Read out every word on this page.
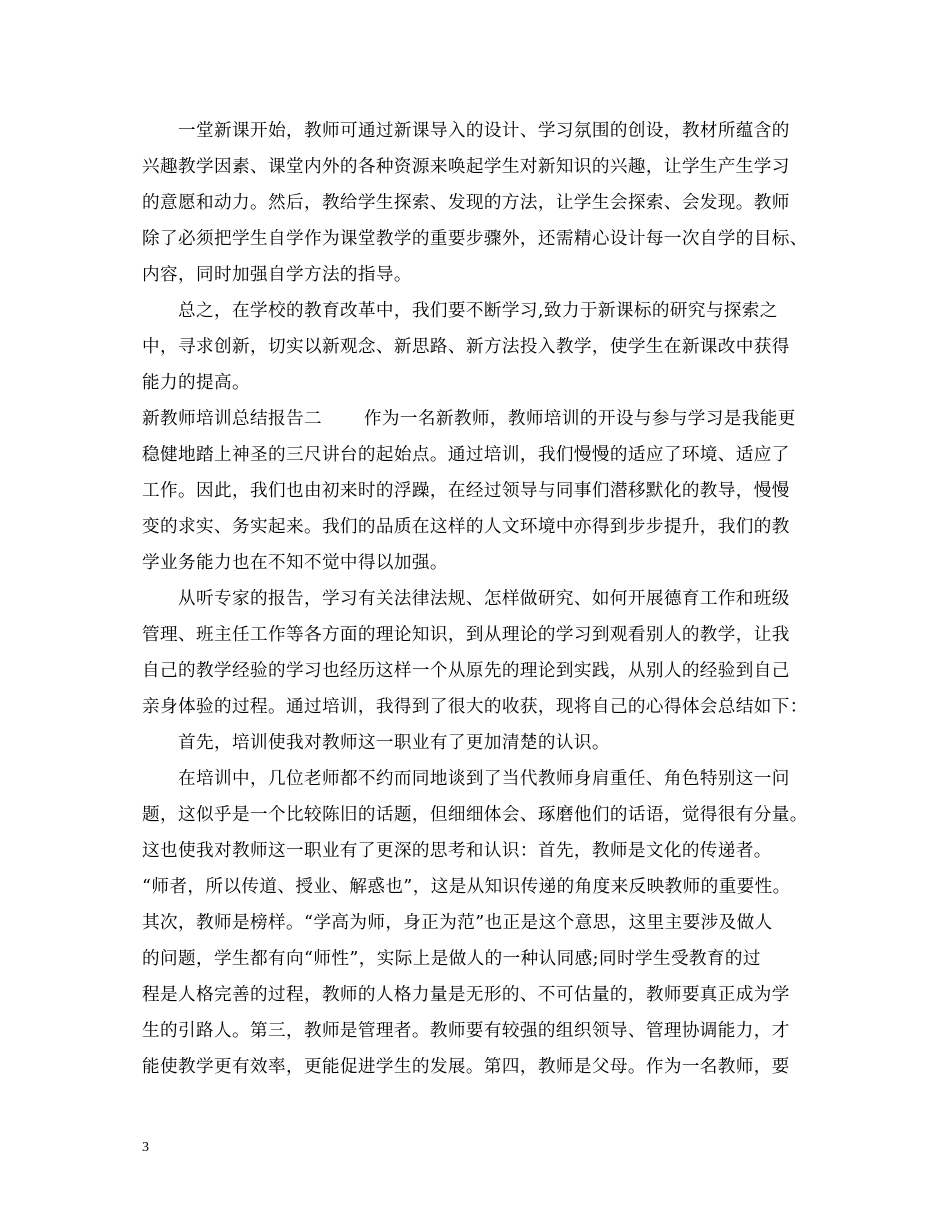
一堂新课开始，教师可通过新课导入的设计、学习氛围的创设，教材所蕴含的
兴趣教学因素、课堂内外的各种资源来唤起学生对新知识的兴趣，让学生产生学习
的意愿和动力。然后，教给学生探索、发现的方法，让学生会探索、会发现。教师
除了必须把学生自学作为课堂教学的重要步骤外，还需精心设计每一次自学的目标、
内容，同时加强自学方法的指导。
总之，在学校的教育改革中，我们要不断学习,致力于新课标的研究与探索之
中，寻求创新，切实以新观念、新思路、新方法投入教学，使学生在新课改中获得
能力的提高。
新教师培训总结报告二　　 作为一名新教师，教师培训的开设与参与学习是我能更
稳健地踏上神圣的三尺讲台的起始点。通过培训，我们慢慢的适应了环境、适应了
工作。因此，我们也由初来时的浮躁，在经过领导与同事们潜移默化的教导，慢慢
变的求实、务实起来。我们的品质在这样的人文环境中亦得到步步提升，我们的教
学业务能力也在不知不觉中得以加强。
从听专家的报告，学习有关法律法规、怎样做研究、如何开展德育工作和班级
管理、班主任工作等各方面的理论知识，到从理论的学习到观看别人的教学，让我
自己的教学经验的学习也经历这样一个从原先的理论到实践，从别人的经验到自己
亲身体验的过程。通过培训，我得到了很大的收获，现将自己的心得体会总结如下：
首先，培训使我对教师这一职业有了更加清楚的认识。
在培训中，几位老师都不约而同地谈到了当代教师身肩重任、角色特别这一问
题，这似乎是一个比较陈旧的话题，但细细体会、琢磨他们的话语，觉得很有分量。
这也使我对教师这一职业有了更深的思考和认识：首先，教师是文化的传递者。
“师者，所以传道、授业、解惑也”，这是从知识传递的角度来反映教师的重要性。
其次，教师是榜样。“学高为师，身正为范”也正是这个意思，这里主要涉及做人
的问题，学生都有向“师性”，实际上是做人的一种认同感;同时学生受教育的过
程是人格完善的过程，教师的人格力量是无形的、不可估量的，教师要真正成为学
生的引路人。第三，教师是管理者。教师要有较强的组织领导、管理协调能力，才
能使教学更有效率，更能促进学生的发展。第四，教师是父母。作为一名教师，要
3
